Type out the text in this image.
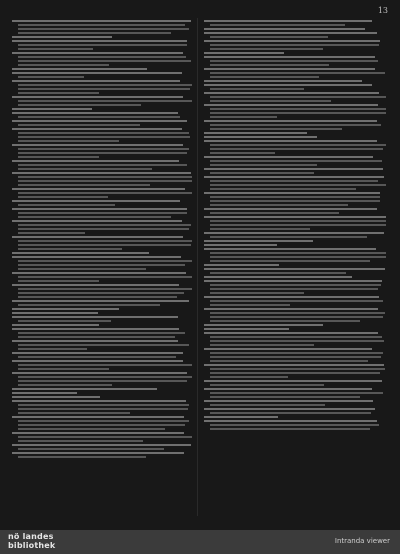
13
nö landes
bibliothek	Intranda viewer
